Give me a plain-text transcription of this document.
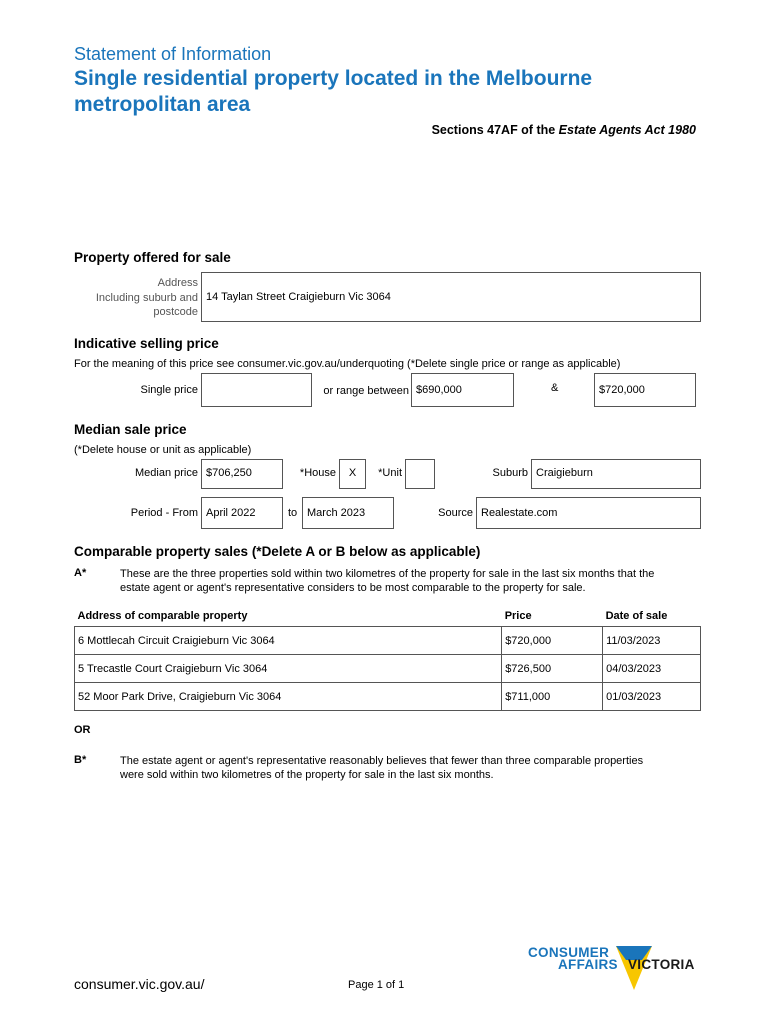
Statement of Information
Single residential property located in the Melbourne
metropolitan area
Sections 47AF of the Estate Agents Act 1980
Property offered for sale
Address
Including suburb and
postcode
14 Taylan Street Craigieburn Vic 3064
Indicative selling price
For the meaning of this price see consumer.vic.gov.au/underquoting (*Delete single price or range as applicable)
Single price	or range between $690,000	&	$720,000
Median sale price
(*Delete house or unit as applicable)
Median price $706,250	*House X	*Unit	Suburb Craigieburn
Period - From April 2022	to March 2023	Source Realestate.com
Comparable property sales (*Delete A or B below as applicable)
A*	These are the three properties sold within two kilometres of the property for sale in the last six months that the
estate agent or agent's representative considers to be most comparable to the property for sale.
Address of comparable property	Price	Date of sale
6 Mottlecah Circuit Craigieburn Vic 3064	$720,000	11/03/2023
5 Trecastle Court Craigieburn Vic 3064	$726,500	04/03/2023
52 Moor Park Drive, Craigieburn Vic 3064	$711,000	01/03/2023
OR
B*	The estate agent or agent's representative reasonably believes that fewer than three comparable properties
were sold within two kilometres of the property for sale in the last six months.
CONSUMER
AFFAIRS VICTORIA
consumer.vic.gov.au/	Page 1 of 1
